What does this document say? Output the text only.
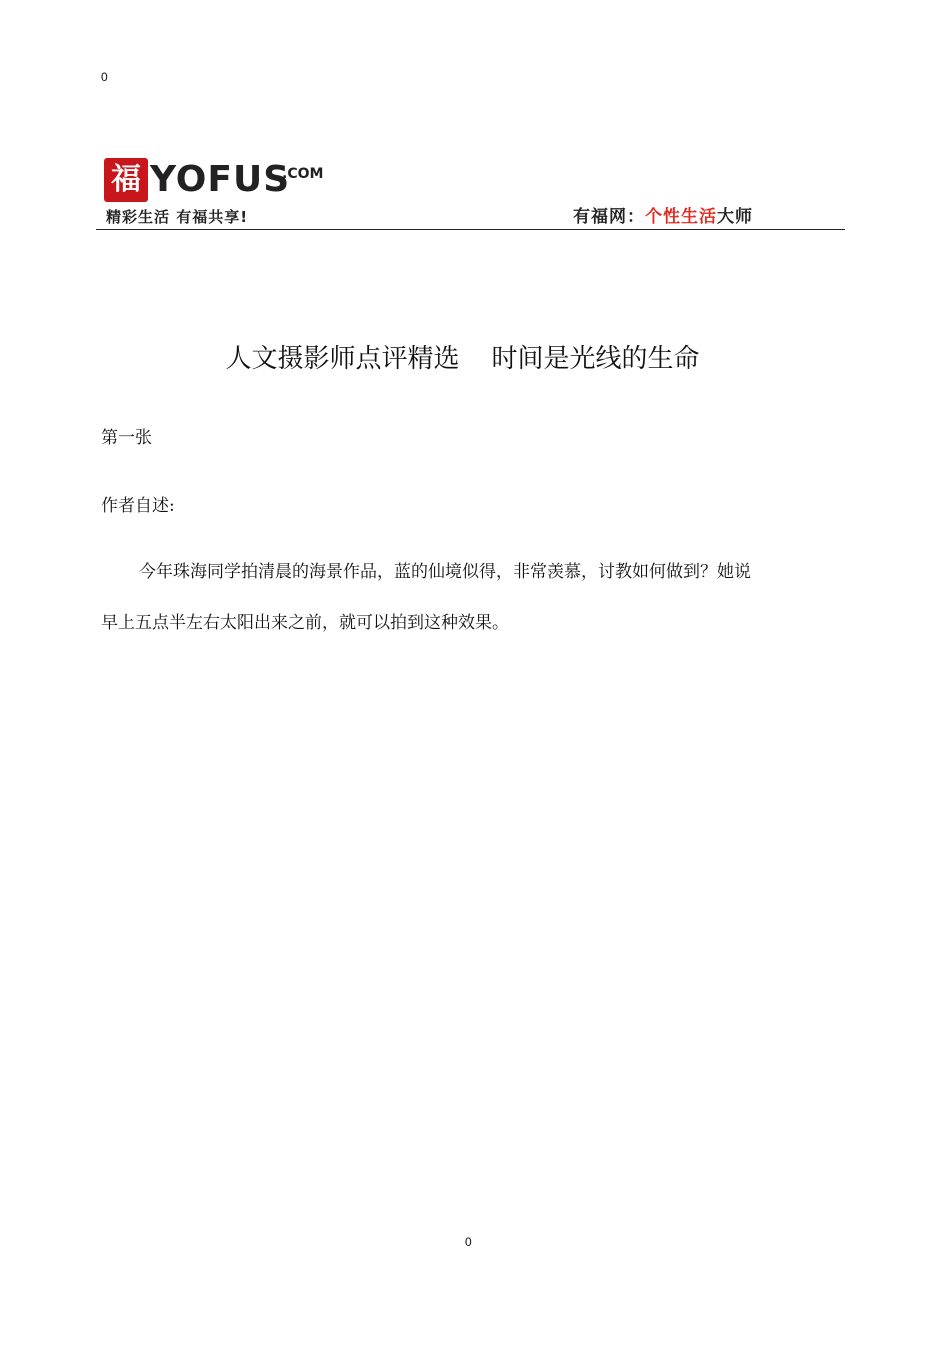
0
福 YOFUS
.COM
精彩生活 有福共享!	有福网：个性生活大师
人文摄影师点评精选 时间是光线的生命
第一张
作者自述:
今年珠海同学拍清晨的海景作品，蓝的仙境似得，非常羡慕，讨教如何做到？她说
早上五点半左右太阳出来之前，就可以拍到这种效果。
0
